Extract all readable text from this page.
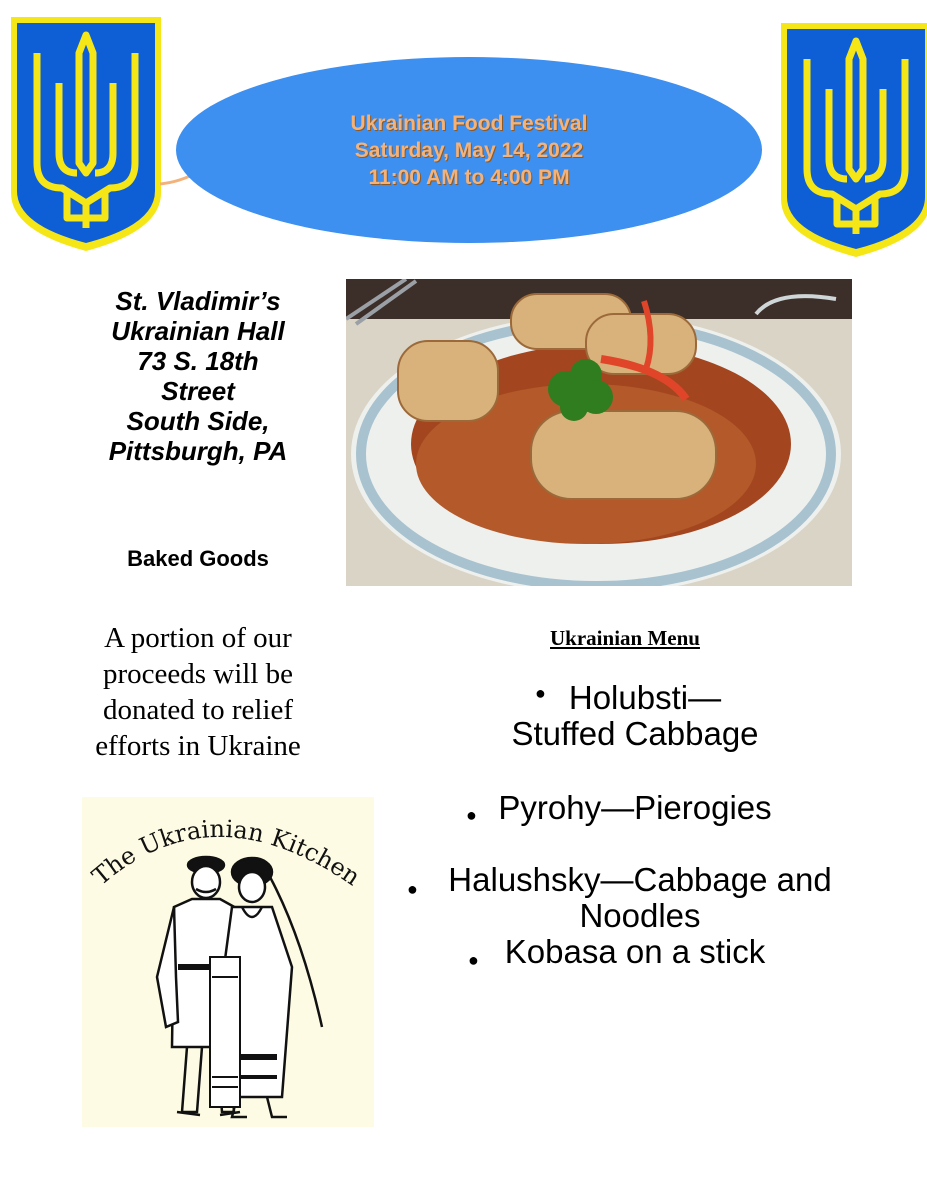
Ukrainian Food Festival
Saturday, May 14, 2022
11:00 AM to 4:00 PM
St. Vladimir’s
Ukrainian Hall
73 S. 18th
Street
South Side,
Pittsburgh, PA
Baked Goods
A portion of our
proceeds will be
donated to relief
efforts in Ukraine
Ukrainian Menu
● Holubsti—
Stuffed Cabbage
● Pyrohy—Pierogies
● Halushsky—Cabbage and
Noodles
● Kobasa on a stick
The Ukrainian Kitchen
